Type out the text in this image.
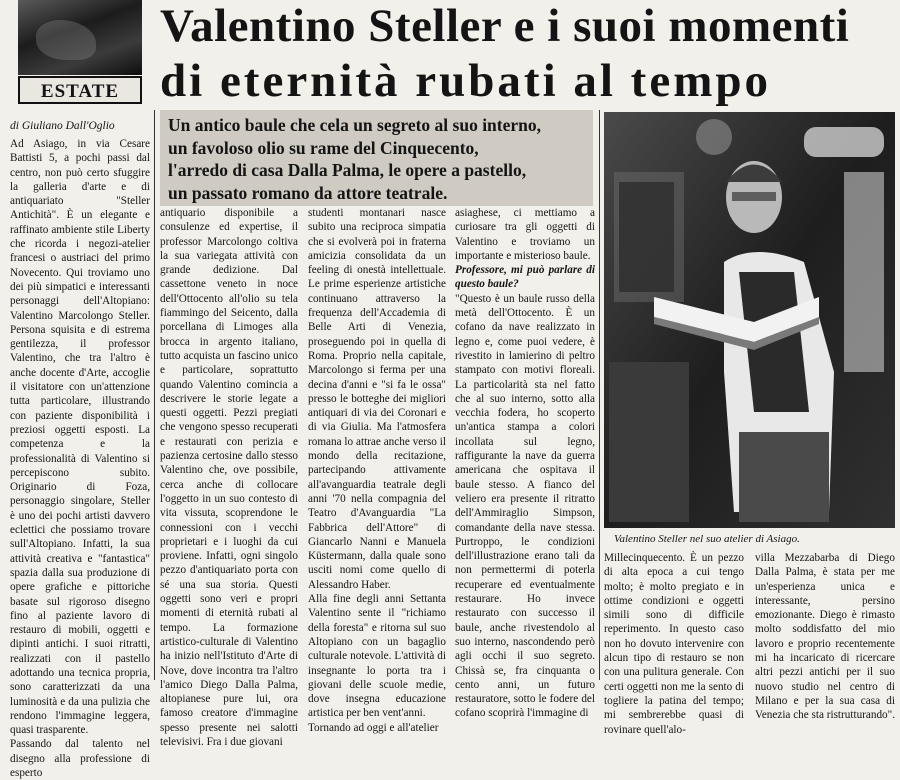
ESTATE
Valentino Steller e i suoi momenti
di eternità rubati al tempo
di Giuliano Dall'Oglio	Un antico baule che cela un segreto al suo interno,
un favoloso olio su rame del Cinquecento,
l'arredo di casa Dalla Palma, le opere a pastello,
un passato romano da attore teatrale.
Ad Asiago, in via Cesare Battisti 5, a pochi passi dal centro, non può certo sfuggire la galleria d'arte e di antiquariato "Steller Antichità". È un elegante e raffinato ambiente stile Liberty che ricorda i negozi-atelier francesi o austriaci del primo Novecento. Qui troviamo uno dei più simpatici e interessanti personaggi dell'Altopiano: Valentino Marcolongo Steller. Persona squisita e di estrema gentilezza, il professor Valentino, che tra l'altro è anche docente d'Arte, accoglie il visitatore con un'attenzione tutta particolare, illustrando con paziente disponibilità i preziosi oggetti esposti. La competenza e la professionalità di Valentino si percepiscono subito. Originario di Foza, personaggio singolare, Steller è uno dei pochi artisti davvero eclettici che possiamo trovare sull'Altopiano. Infatti, la sua attività creativa e "fantastica" spazia dalla sua produzione di opere grafiche e pittoriche basate sul rigoroso disegno fino al paziente lavoro di restauro di mobili, oggetti e dipinti antichi. I suoi ritratti, realizzati con il pastello adottando una tecnica propria, sono caratterizzati da una luminosità e da una pulizia che rendono l'immagine leggera, quasi trasparente.
Passando dal talento nel disegno alla professione di esperto
antiquario disponibile a consulenze ed expertise, il professor Marcolongo coltiva la sua variegata attività con grande dedizione. Dal cassettone veneto in noce dell'Ottocento all'olio su tela fiammingo del Seicento, dalla porcellana di Limoges alla brocca in argento italiano, tutto acquista un fascino unico e particolare, soprattutto quando Valentino comincia a descrivere le storie legate a questi oggetti. Pezzi pregiati che vengono spesso recuperati e restaurati con perizia e pazienza certosine dallo stesso Valentino che, ove possibile, cerca anche di collocare l'oggetto in un suo contesto di vita vissuta, scoprendone le connessioni con i vecchi proprietari e i luoghi da cui proviene. Infatti, ogni singolo pezzo d'antiquariato porta con sé una sua storia. Questi oggetti sono veri e propri momenti di eternità rubati al tempo. La formazione artistico-culturale di Valentino ha inizio nell'Istituto d'Arte di Nove, dove incontra tra l'altro l'amico Diego Dalla Palma, altopianese pure lui, ora famoso creatore d'immagine spesso presente nei salotti televisivi. Fra i due giovani
studenti montanari nasce subito una reciproca simpatia che si evolverà poi in fraterna amicizia consolidata da un feeling di onestà intellettuale. Le prime esperienze artistiche continuano attraverso la frequenza dell'Accademia di Belle Arti di Venezia, proseguendo poi in quella di Roma. Proprio nella capitale, Marcolongo si ferma per una decina d'anni e "si fa le ossa" presso le botteghe dei migliori antiquari di via dei Coronari e di via Giulia. Ma l'atmosfera romana lo attrae anche verso il mondo della recitazione, partecipando attivamente all'avanguardia teatrale degli anni '70 nella compagnia del Teatro d'Avanguardia "La Fabbrica dell'Attore" di Giancarlo Nanni e Manuela Küstermann, dalla quale sono usciti nomi come quello di Alessandro Haber.
Alla fine degli anni Settanta Valentino sente il "richiamo della foresta" e ritorna sul suo Altopiano con un bagaglio culturale notevole. L'attività di insegnante lo porta tra i giovani delle scuole medie, dove insegna educazione artistica per ben vent'anni.
Tornando ad oggi e all'atelier
asiaghese, ci mettiamo a curiosare tra gli oggetti di Valentino e troviamo un importante e misterioso baule.
Professore, mi può parlare di questo baule?
"Questo è un baule russo della metà dell'Ottocento. È un cofano da nave realizzato in legno e, come puoi vedere, è rivestito in lamierino di peltro stampato con motivi floreali. La particolarità sta nel fatto che al suo interno, sotto alla vecchia fodera, ho scoperto un'antica stampa a colori incollata sul legno, raffigurante la nave da guerra americana che ospitava il baule stesso. A fianco del veliero era presente il ritratto dell'Ammiraglio Simpson, comandante della nave stessa. Purtroppo, le condizioni dell'illustrazione erano tali da non permettermi di poterla recuperare ed eventualmente restaurare. Ho invece restaurato con successo il baule, anche rivestendolo al suo interno, nascondendo però agli occhi il suo segreto. Chissà se, fra cinquanta o cento anni, un futuro restauratore, sotto le fodere del cofano scoprirà l'immagine di
Millecinquecento. È un pezzo di alta epoca a cui tengo molto; è molto pregiato e in ottime condizioni e oggetti simili sono di difficile reperimento. In questo caso non ho dovuto intervenire con alcun tipo di restauro se non con una pulitura generale. Con certi oggetti non me la sento di togliere la patina del tempo; mi sembrerebbe quasi di rovinare quell'alo-
villa Mezzabarba di Diego Dalla Palma, è stata per me un'esperienza unica e interessante, persino emozionante. Diego è rimasto molto soddisfatto del mio lavoro e proprio recentemente mi ha incaricato di ricercare altri pezzi antichi per il suo nuovo studio nel centro di Milano e per la sua casa di Venezia che sta ristrutturando".
Valentino Steller nel suo atelier di Asiago.
